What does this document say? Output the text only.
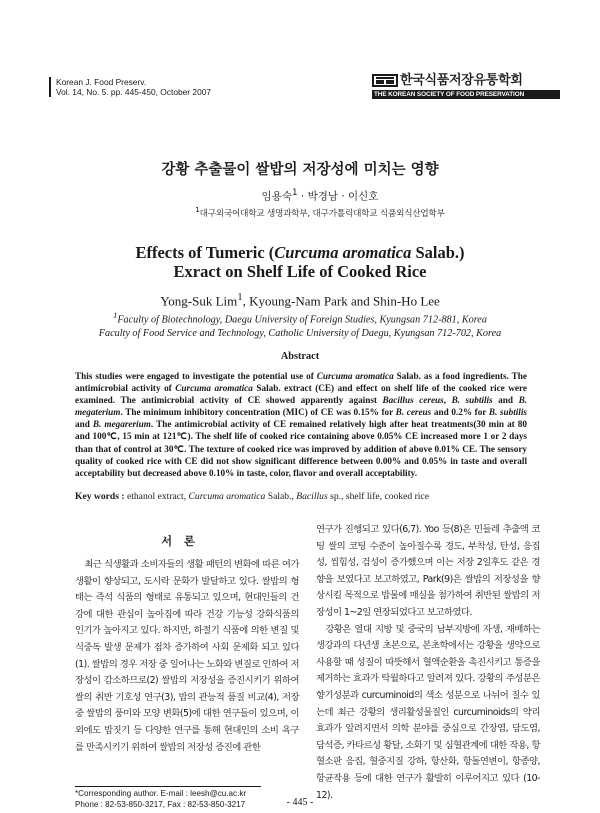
Korean J. Food Preserv.
Vol. 14, No. 5. pp. 445-450, October 2007
한국식품저장유통학회
THE KOREAN SOCIETY OF FOOD PRESERVATION
강황 추출물이 쌀밥의 저장성에 미치는 영향
임용숙$^1$ · 박경남 · 이신호
$^1$대구외국어대학교 생명과학부, 대구가톨릭대학교 식품외식산업학부
Effects of Tumeric (Curcuma aromatica Salab.)
Exract on Shelf Life of Cooked Rice
Yong-Suk Lim$^1$, Kyoung-Nam Park and Shin-Ho Lee
$^1$Faculty of Biotechnology, Daegu University of Foreign Studies, Kyungsan 712-881, Korea
Faculty of Food Service and Technology, Catholic University of Daegu, Kyungsan 712-702, Korea
Abstract
This studies were engaged to investigate the potential use of Curcuma aromatica Salab. as a food ingredients. The antimicrobial activity of Curcuma aromatica Salab. extract (CE) and effect on shelf life of the cooked rice were examined. The antimicrobial activity of CE showed apparently against Bacillus cereus, B. subtilis and B. megaterium. The minimum inhibitory concentration (MIC) of CE was 0.15% for B. cereus and 0.2% for B. subtilis and B. megarerium. The antimicrobial activity of CE remained relatively high after heat treatments(30 min at 80 and 100℃, 15 min at 121℃). The shelf life of cooked rice containing above 0.05% CE increased more 1 or 2 days than that of control at 30℃. The texture of cooked rice was improved by addition of above 0.01% CE. The sensory quality of cooked rice with CE did not show significant difference between 0.00% and 0.05% in taste and overall acceptability but decreased above 0.10% in taste, color, flavor and overall acceptability.
Key words : ethanol extract, Curcuma aromatica Salab., Bacillus sp., shelf life, cooked rice
서론

최근 식생활과 소비자들의 생활 패턴의 변화에 따른 여가 생활이 향상되고, 도시락 문화가 발달하고 있다. 쌀밥의 형태는 즉석 식품의 형태로 유통되고 있으며, 현대인들의 건강에 대한 관심이 높아짐에 따라 건강 기능성 강화식품의 인기가 높아지고 있다. 하지만, 하절기 식품에 의한 변질 및 식중독 발생 문제가 점차 증가하여 사회 문제화 되고 있다(1). 쌀밥의 경우 저장 중 일어나는 노화와 변질로 인하여 저장성이 감소하므로(2) 쌀밥의 저장성을 증진시키기 위하여 쌀의 취반 기호성 연구(3), 밥의 관능적 품질 비교(4), 저장 중 쌀밥의 풍미와 모양 변화(5)에 대한 연구들이 있으며, 이외에도 밥짓기 등 다양한 연구를 통해 현대인의 소비 욕구를 만족시키기 위하여 쌀밥의 저장성 증진에 관한

연구가 진행되고 있다(6,7). Yoo 등(8)은 민들레 추출액 코팅 쌀의 코팅 수준이 높아질수록 경도, 부착성, 탄성, 응집성, 씹힘성, 검성이 증가했으며 이는 저장 2일후도 같은 경향을 보였다고 보고하였고, Park(9)은 쌀밥의 저장성을 향상시킬 목적으로 밥물에 매실을 첨가하여 취반된 쌀밥의 저장성이 1~2일 연장되었다고 보고하였다.

강황은 열대 지방 및 중국의 남부지방에 자생, 재배하는 생강과의 다년생 초본으로, 본초학에서는 강황을 생약으로 사용할 때 성질이 따뜻해서 혈액순환을 촉진시키고 통증을 제거하는 효과가 탁월하다고 알려져 있다. 강황의 주성분은 향기성분과 curcuminoid의 색소 성분으로 나뉘어 질수 있는데 최근 강황의 생리활성물질인 curcuminoids의 약리 효과가 알려지면서 의학 분야를 중심으로 간장염, 담도염, 담석증, 카타르성 황달, 소화기 및 심혈관계에 대한 작용, 항 혈소판 응집, 혈중지질 강하, 항산화, 항돌연변이, 항종양, 항균작용 등에 대한 연구가 활발히 이루어지고 있다 (10-12).

*Corresponding author. E-mail : leesh@cu.ac.kr
Phone : 82-53-850-3217, Fax : 82-53-850-3217	- 445 -
